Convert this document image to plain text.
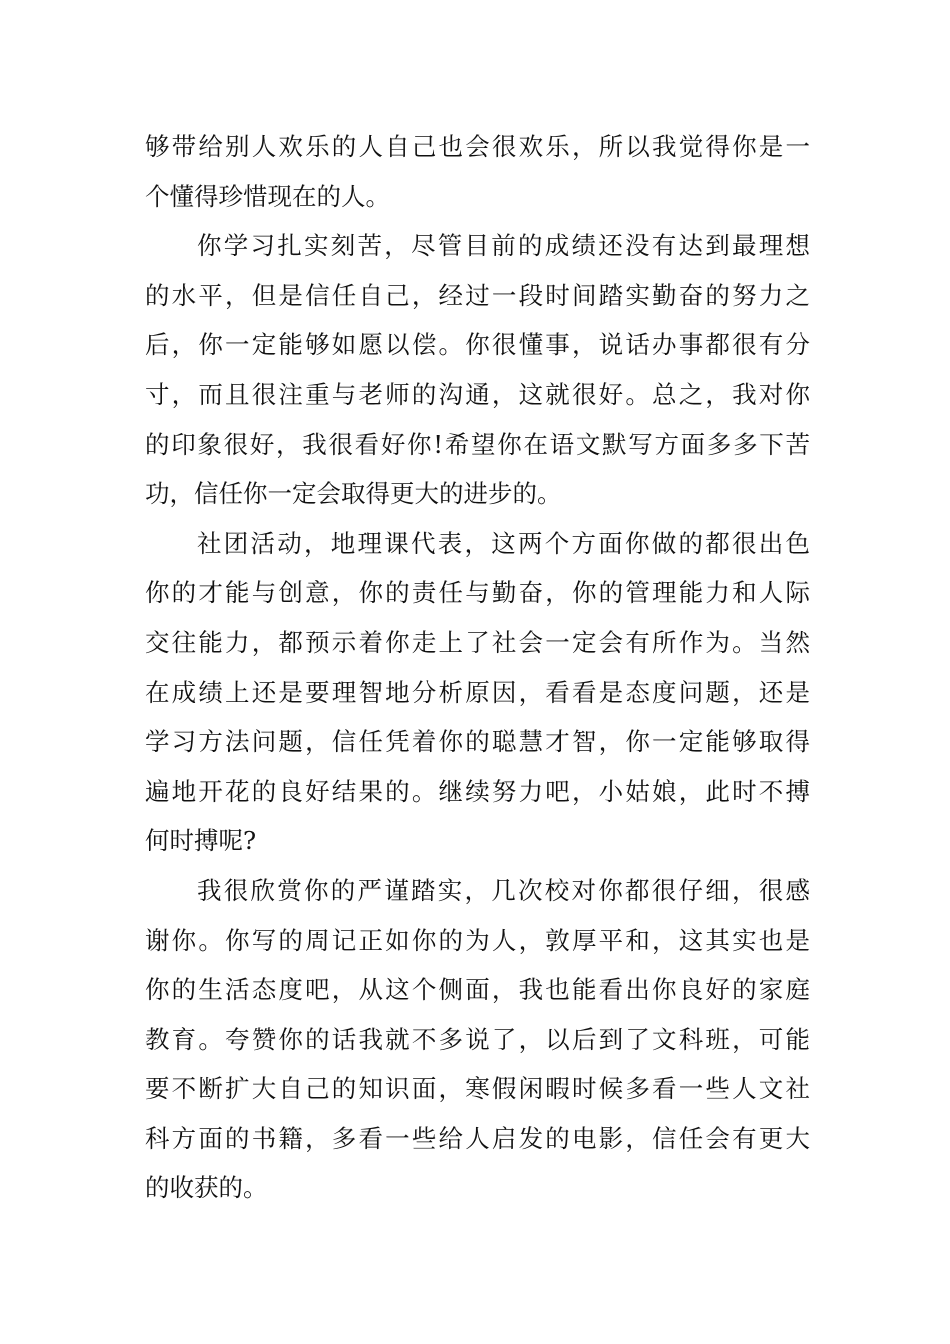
够带给别人欢乐的人自己也会很欢乐，所以我觉得你是一
个懂得珍惜现在的人。
你学习扎实刻苦，尽管目前的成绩还没有达到最理想
的水平，但是信任自己，经过一段时间踏实勤奋的努力之
后，你一定能够如愿以偿。你很懂事，说话办事都很有分
寸，而且很注重与老师的沟通，这就很好。总之，我对你
的印象很好，我很看好你!希望你在语文默写方面多多下苦
功，信任你一定会取得更大的进步的。
社团活动，地理课代表，这两个方面你做的都很出色
你的才能与创意，你的责任与勤奋，你的管理能力和人际
交往能力，都预示着你走上了社会一定会有所作为。当然
在成绩上还是要理智地分析原因，看看是态度问题，还是
学习方法问题，信任凭着你的聪慧才智，你一定能够取得
遍地开花的良好结果的。继续努力吧，小姑娘，此时不搏
何时搏呢?
我很欣赏你的严谨踏实，几次校对你都很仔细，很感
谢你。你写的周记正如你的为人，敦厚平和，这其实也是
你的生活态度吧，从这个侧面，我也能看出你良好的家庭
教育。夸赞你的话我就不多说了，以后到了文科班，可能
要不断扩大自己的知识面，寒假闲暇时候多看一些人文社
科方面的书籍，多看一些给人启发的电影，信任会有更大
的收获的。
